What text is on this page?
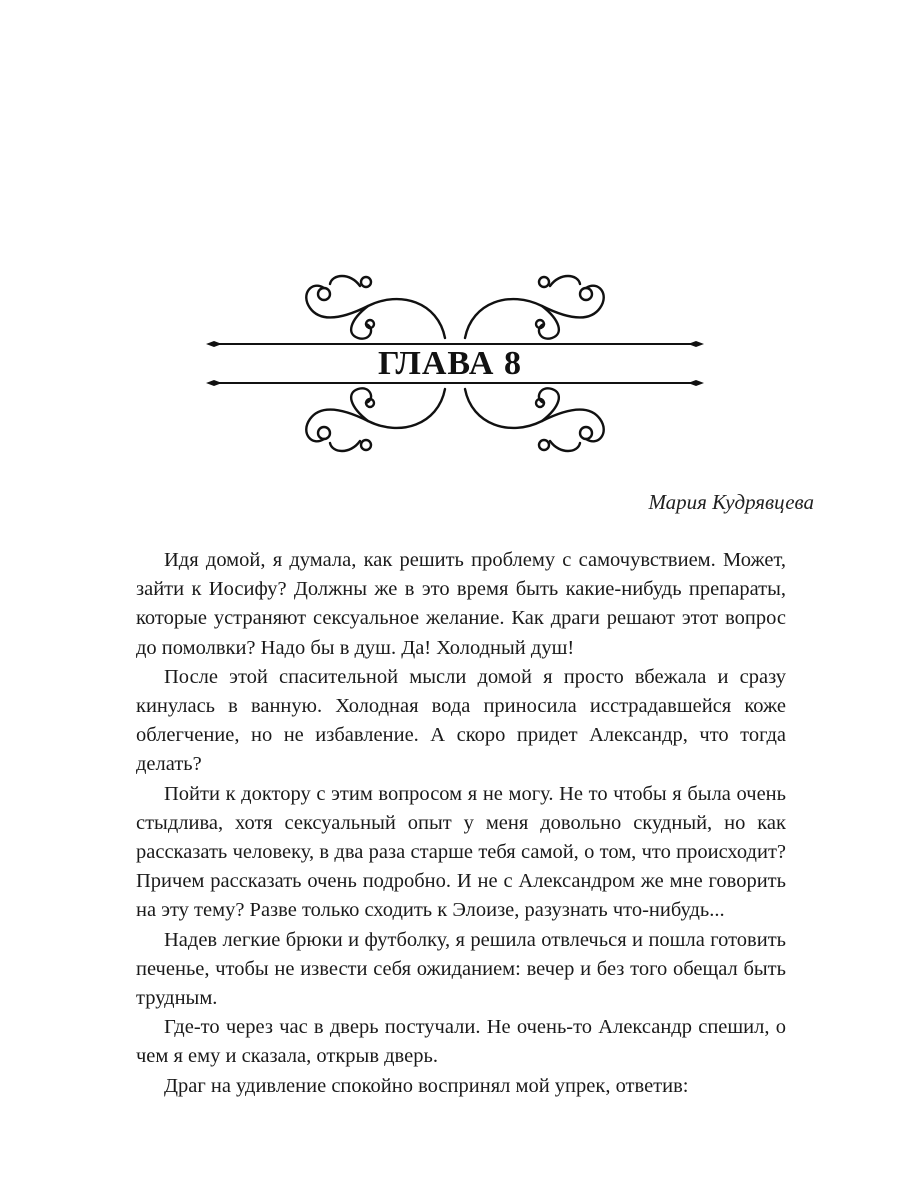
ГЛАВА 8
Мария Кудрявцева

Идя домой, я думала, как решить проблему с самочувствием. Может, зайти к Иосифу? Должны же в это время быть какие-нибудь препараты, которые устраняют сексуальное желание. Как драги решают этот вопрос до помолвки? Надо бы в душ. Да! Холодный душ!

После этой спасительной мысли домой я просто вбежала и сразу кинулась в ванную. Холодная вода приносила исстрадавшейся коже облегчение, но не избавление. А скоро придет Александр, что тогда делать?

Пойти к доктору с этим вопросом я не могу. Не то чтобы я была очень стыдлива, хотя сексуальный опыт у меня довольно скудный, но как рассказать человеку, в два раза старше тебя самой, о том, что происходит? Причем рассказать очень подробно. И не с Александром же мне говорить на эту тему? Разве только сходить к Элоизе, разузнать что-нибудь...

Надев легкие брюки и футболку, я решила отвлечься и пошла готовить печенье, чтобы не извести себя ожиданием: вечер и без того обещал быть трудным.

Где-то через час в дверь постучали. Не очень-то Александр спешил, о чем я ему и сказала, открыв дверь.

Драг на удивление спокойно воспринял мой упрек, ответив:
